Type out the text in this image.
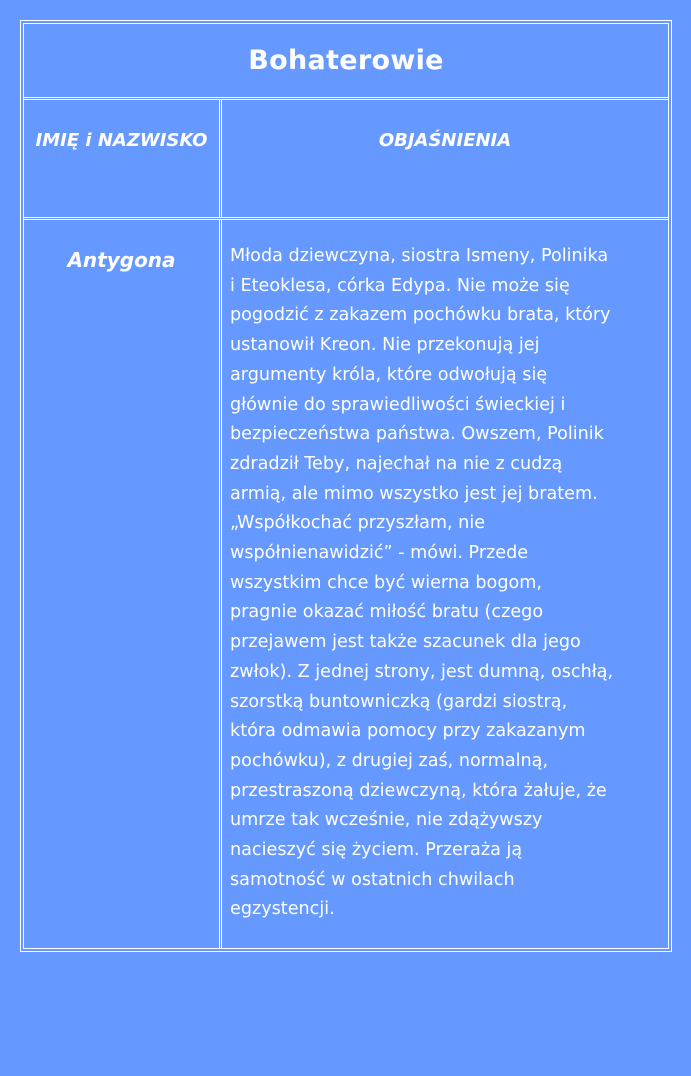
Bohaterowie
IMIĘ i NAZWISKO	OBJAŚNIENIA
Antygona	Młoda dziewczyna, siostra Ismeny, Polinika
i Eteoklesa, córka Edypa. Nie może się
pogodzić z zakazem pochówku brata, który
ustanowił Kreon. Nie przekonują jej
argumenty króla, które odwołują się
głównie do sprawiedliwości świeckiej i
bezpieczeństwa państwa. Owszem, Polinik
zdradził Teby, najechał na nie z cudzą
armią, ale mimo wszystko jest jej bratem.
„Współkochać przyszłam, nie
współnienawidzić” - mówi. Przede
wszystkim chce być wierna bogom,
pragnie okazać miłość bratu (czego
przejawem jest także szacunek dla jego
zwłok). Z jednej strony, jest dumną, oschłą,
szorstką buntowniczką (gardzi siostrą,
która odmawia pomocy przy zakazanym
pochówku), z drugiej zaś, normalną,
przestraszoną dziewczyną, która żałuje, że
umrze tak wcześnie, nie zdążywszy
nacieszyć się życiem. Przeraża ją
samotność w ostatnich chwilach
egzystencji.
